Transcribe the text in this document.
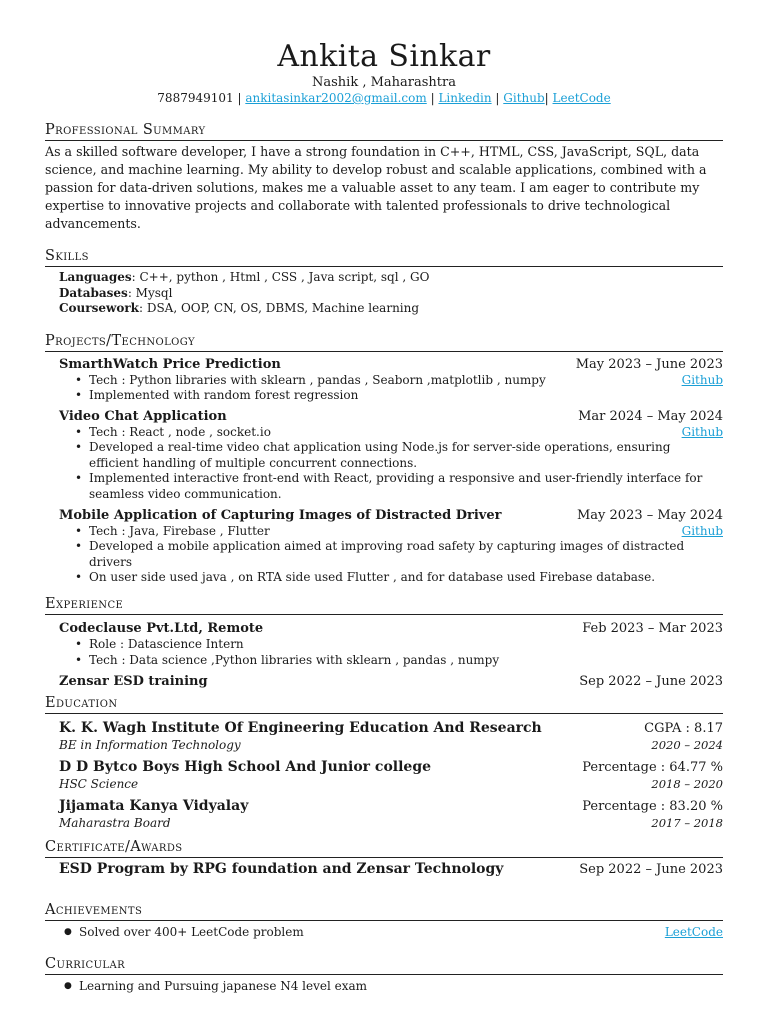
Ankita Sinkar
Nashik , Maharashtra
7887949101 | ankitasinkar2002@gmail.com | Linkedin | Github| LeetCode
Professional Summary
As a skilled software developer, I have a strong foundation in C++, HTML, CSS, JavaScript, SQL, data science, and machine learning. My ability to develop robust and scalable applications, combined with a passion for data-driven solutions, makes me a valuable asset to any team. I am eager to contribute my expertise to innovative projects and collaborate with talented professionals to drive technological advancements.
Skills
Languages: C++, python , Html , CSS , Java script, sql , GO
Databases: Mysql
Coursework: DSA, OOP, CN, OS, DBMS, Machine learning
Projects/Technology
SmarthWatch Price Prediction	May 2023 – June 2023
• Tech : Python libraries with sklearn , pandas , Seaborn ,matplotlib , numpy	Github
• Implemented with random forest regression
Video Chat Application	Mar 2024 – May 2024
• Tech : React , node , socket.io	Github
• Developed a real-time video chat application using Node.js for server-side operations, ensuring efficient handling of multiple concurrent connections.
• Implemented interactive front-end with React, providing a responsive and user-friendly interface for seamless video communication.
Mobile Application of Capturing Images of Distracted Driver	May 2023 – May 2024
• Tech : Java, Firebase , Flutter	Github
• Developed a mobile application aimed at improving road safety by capturing images of distracted drivers
• On user side used java , on RTA side used Flutter , and for database used Firebase database.
Experience
Codeclause Pvt.Ltd, Remote	Feb 2023 – Mar 2023
• Role : Datascience Intern
• Tech : Data science ,Python libraries with sklearn , pandas , numpy
Zensar ESD training	Sep 2022 – June 2023
Education
K. K. Wagh Institute Of Engineering Education And Research	CGPA : 8.17
BE in Information Technology	2020 – 2024
D D Bytco Boys High School And Junior college	Percentage : 64.77 %
HSC Science	2018 – 2020
Jijamata Kanya Vidyalay	Percentage : 83.20 %
Maharastra Board	2017 – 2018
Certificate/Awards
ESD Program by RPG foundation and Zensar Technology	Sep 2022 – June 2023
Achievements
● Solved over 400+ LeetCode problem	LeetCode
Curricular
● Learning and Pursuing japanese N4 level exam
